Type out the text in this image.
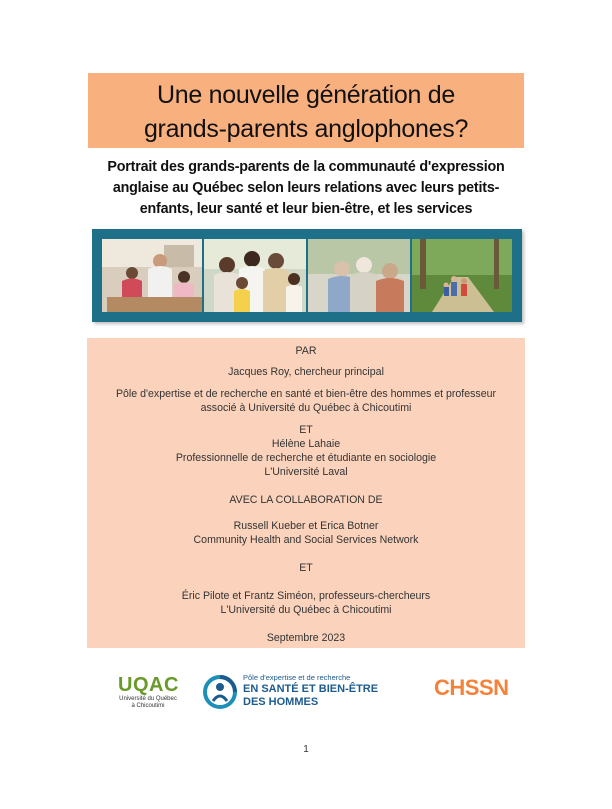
Une nouvelle génération de
grands-parents anglophones?
Portrait des grands-parents de la communauté d'expression
anglaise au Québec selon leurs relations avec leurs petits-
enfants, leur santé et leur bien-être, et les services
PAR
Jacques Roy, chercheur principal
Pôle d'expertise et de recherche en santé et bien-être des hommes et professeur
associé à Université du Québec à Chicoutimi
ET
Hélène Lahaie
Professionnelle de recherche et étudiante en sociologie
L'Université Laval
AVEC LA COLLABORATION DE
Russell Kueber et Erica Botner
Community Health and Social Services Network
ET
Éric Pilote et Frantz Siméon, professeurs-chercheurs
L'Université du Québec à Chicoutimi
Septembre 2023
UQAC
Université du Québec
à Chicoutimi
Pôle d'expertise et de recherche
EN SANTÉ ET BIEN-ÊTRE
DES HOMMES
CHSSN
1
